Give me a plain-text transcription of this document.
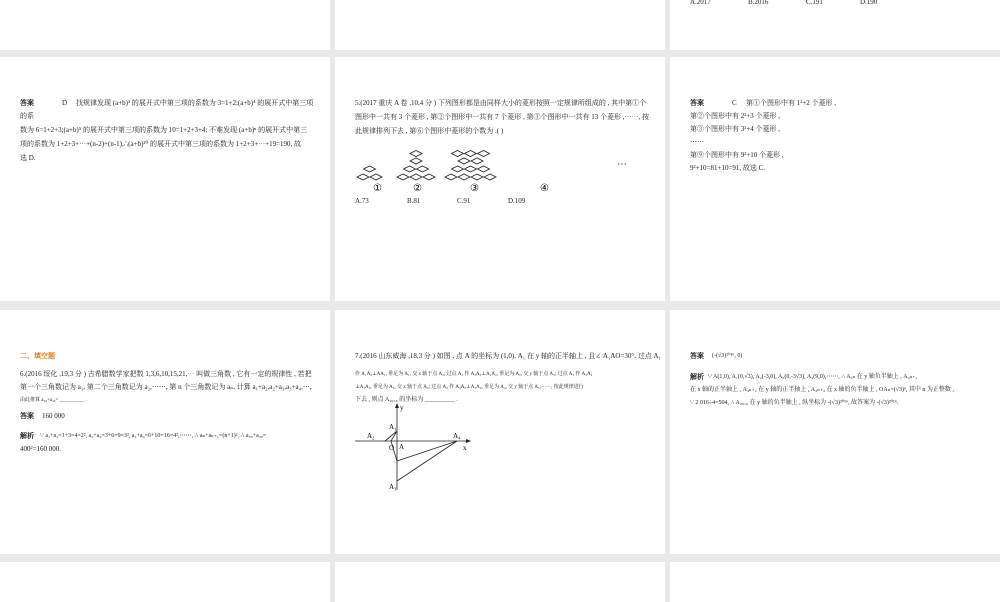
A.2017	B.2016	C.191	D.190
答案	D 找规律发现 (a+b)³ 的展开式中第三项的系数为 3=1+2;(a+b)⁴ 的展开式中第三项
的系
数为 6=1+2+3;(a+b)⁵ 的展开式中第三项的系数为 10=1+2+3+4; 不难发现 (a+b)ⁿ 的展开式中第三
项的系数为 1+2+3+⋯+(n-2)+(n-1),∴(a+b)²⁰ 的展开式中第三项的系数为 1+2+3+⋯+19=190, 故
选 D.
5.(2017 重庆 A 卷 ,10,4 分 ) 下列图形都是由同样大小的菱形按照一定规律所组成的 , 其中第①个
图形中一共有 3 个菱形 , 第②个图形中一共有 7 个菱形 , 第③个图形中一共有 13 个菱形 ,⋯⋯, 按
此规律排列下去 , 第⑥个图形中菱形的个数为 .( )
①	②	③	④
⋯
A.73	B.81	C.91	D.109
答案	C 第①个图形中有 1²+2 个菱形 ,
第②个图形中有 2²+3 个菱形 ,
第③个图形中有 3²+4 个菱形 ,
⋯⋯
第⑨个图形中有 9²+10 个菱形 ,
9²+10=81+10=91, 故选 C.
二、填空题
6.(2016 绥化 ,19,3 分 ) 古希腊数学家把数 1,3,6,10,15,21,⋯ 叫做三角数 , 它有一定的规律性 , 若把
第一个三角数记为 a₁, 第二个三角数记为 a₂,⋯⋯, 第 n 个三角数记为 aₙ, 计算 a₁+a₂,a₂+a₃,a₃+a₄,⋯,
由此推算 a₃₉+a₄₀= __________ .
答案 160 000
解析 ∵ a₁+a₂=1+3=4=2², a₂+a₃=3+6=9=3², a₃+a₄=6+10=16=4²,⋯⋯, ∴ aₙ+aₙ₊₁=(n+1)², ∴ a₃₉+a₄₀=
400²=160 000.
7.(2016 山东威海 ,18,3 分 ) 如图 , 点 A 的坐标为 (1,0), A₁ 在 y 轴的正半轴上 , 且∠ A₁AO=30°. 过点 A₁
作 A₁A₂⊥AA₁, 垂足为 A₁, 交 x 轴于点 A₂; 过点 A₂ 作 A₂A₃⊥A₁A₂, 垂足为 A₂, 交 y 轴于点 A₃; 过点 A₃ 作 A₃A₄
⊥A₂A₃, 垂足为 A₃, 交 x 轴于点 A₄; 过点 A₄ 作 A₄A₅⊥A₃A₄, 垂足为 A₄, 交 y 轴于点 A₅;⋯⋯, 按此规律进行
下去 , 则点 A₂₀₁₆ 的坐标为 __________ .
y
x
O
A₂
A₁
A
A₄
A₃
答案 (-(√3)²⁰¹⁶, 0)
解析 ∵ A(1,0), A₁(0,√3), A₂(-3,0), A₃(0,-3√3), A₄(9,0),⋯⋯, ∴ A₄ₙ 在 y 轴负半轴上 , A₄ₙ₊₁
在 x 轴的正半轴上 , A₄ₙ₊₂ 在 y 轴的正半轴上 , A₄ₙ₊₃ 在 x 轴的负半轴上 , OAₙ=(√3)ⁿ, 其中 n 为正整数 ,
∵ 2 016÷4=504, ∴ A₂₀₁₆ 在 y 轴的负半轴上 , 纵坐标为 -(√3)²⁰¹⁶, 故答案为 -(√3)²⁰¹⁶.
